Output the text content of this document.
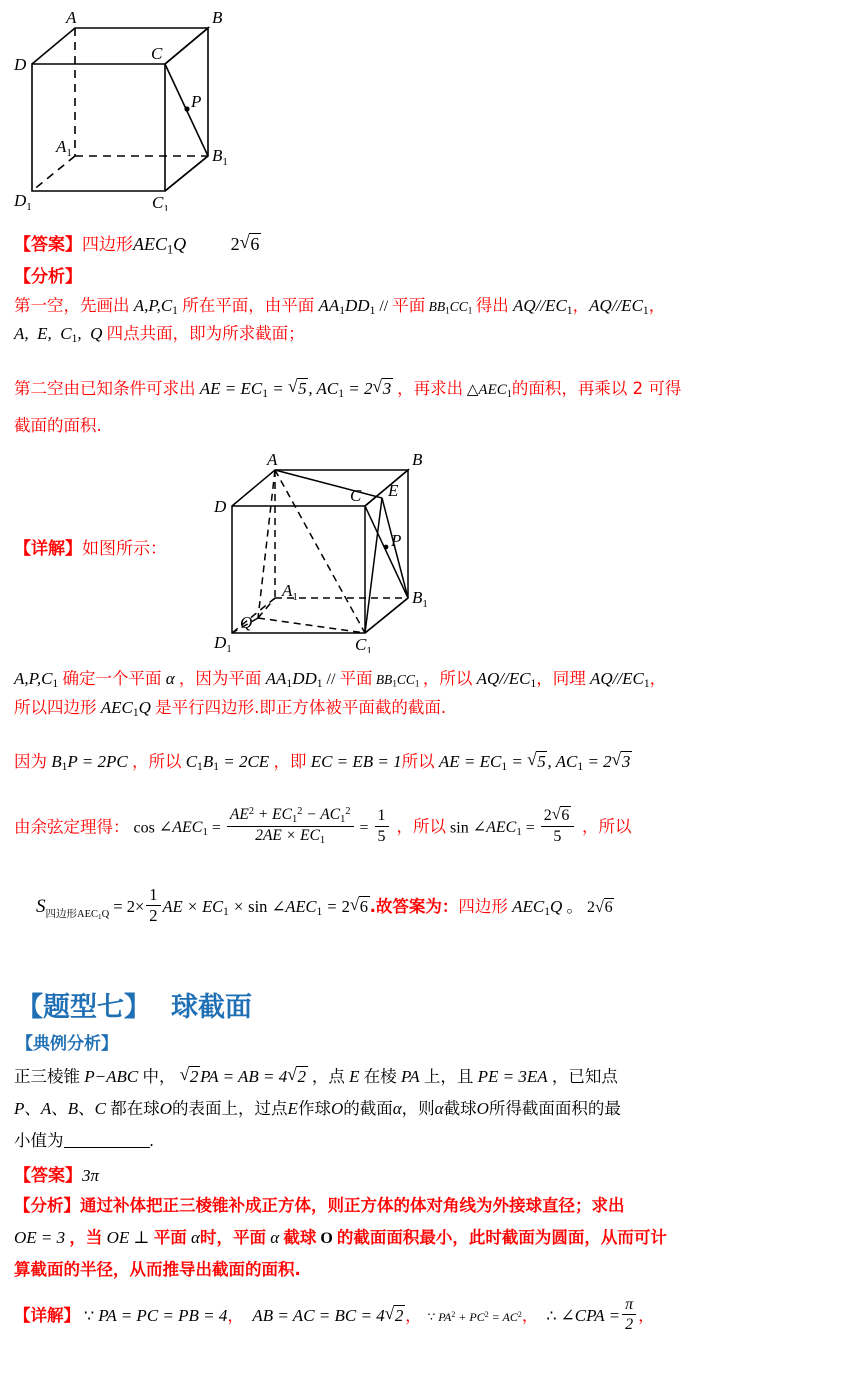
A	B
D
C
P
$A_1$	$B_1$
$D_1$	$C_1$
【答案】四边形$AEC_1Q$ 2 √ 6
【分析】
第一空，先画出 $A,P,C_1$ 所在平面，由平面 $AA_1DD_1$ // 平面 $BB_1CC_1$ 得出 $AQ//EC_1$，$AQ//EC_1$，
A,  E,  $C_1$,  Q 四点共面，即为所求截面；
第二空由已知条件可求出 AE = $EC_1$ = √ 5, $AC_1 = 2$ √ 3 ，再求出 $\triangle AEC_1$的面积，再乘以 2 可得
截面的面积.
【详解】如图所示：
A	B
D
C E
P
Q
$A_1$	$B_1$
$D_1$	$C_1$
$A,P,C_1$ 确定一个平面 α ，因为平面 $AA_1DD_1$ // 平面 $BB_1CC_1$ ，所以 $AQ//EC_1$，同理 $AQ//EC_1$，
所以四边形 $AEC_1Q$ 是平行四边形.即正方体被平面截的截面.
因为 $B_1P = 2PC$ ，所以 $C_1B_1 = 2CE$ ，即 EC = EB = 1所以 AE = $EC_1$ = √ 5, $AC_1 = 2$ √ 3
由余弦定理得： $\cos \angle AEC_1 = \frac{AE^2 + EC_1^2 - AC_1^2}{2AE \times EC_1} = \frac{1}{5}$ ，所以 $\sin \angle AEC_1 = \frac{2 √ 6}{5}$ ，所以
$S_{四边形AEC_1Q} = 2\times \frac{1}{2}$ AE × $EC_1 \times \sin$ $\angle AEC_1 = 2$ √ 6.故答案为：四边形 $AEC_1Q$ 。 2 √ 6
【题型七】 球截面
【典例分析】
正三棱锥 P−ABC 中， √ 2PA = AB = 4 √ 2 ，点 E 在棱 PA 上，且 PE = 3EA ，已知点
P、A、B、C 都在球O的表面上，过点E作球O的截面α，则α截球O所得截面面积的最
小值为	.
【答案】3π
【分析】通过补体把正三棱锥补成正方体，则正方体的体对角线为外接球直径；求出
OE = 3 ，当 OE ⊥ 平面 α时，平面 α 截球 O 的截面面积最小，此时截面为圆面，从而可计
算截面的半径，从而推导出截面的面积.
【详解】 ∵ PA = PC = PB = 4，  AB = AC = BC = 4 √ 2 ，  ∵ $PA^2 + PC^2 = AC^2$，  ∴ ∠CPA = $\frac{\pi}{2}$ ，
